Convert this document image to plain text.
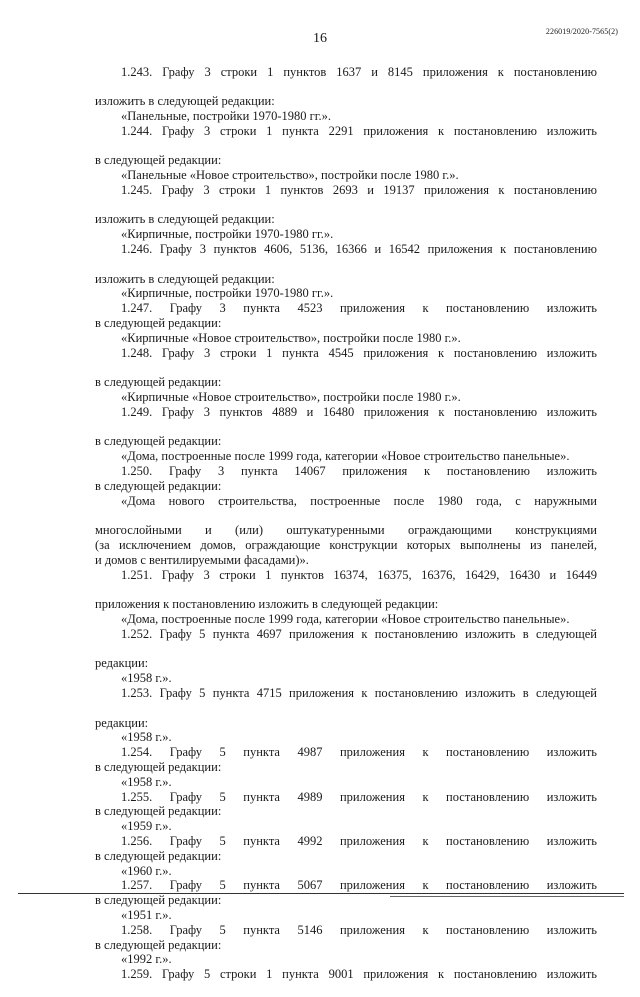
226019/2020-7565(2)
16

1.243. Графу 3 строки 1 пунктов 1637 и 8145 приложения к постановлению

изложить в следующей редакции:

«Панельные, постройки 1970-1980 гг.».

1.244. Графу 3 строки 1 пункта 2291 приложения к постановлению изложить

в следующей редакции:

«Панельные «Новое строительство», постройки после 1980 г.».

1.245. Графу 3 строки 1 пунктов 2693 и 19137 приложения к постановлению

изложить в следующей редакции:

«Кирпичные, постройки 1970-1980 гг.».

1.246. Графу 3 пунктов 4606, 5136, 16366 и 16542 приложения к постановлению

изложить в следующей редакции:

«Кирпичные, постройки 1970-1980 гг.».

1.247. Графу 3 пункта 4523 приложения к постановлению изложить

в следующей редакции:

«Кирпичные «Новое строительство», постройки после 1980 г.».

1.248. Графу 3 строки 1 пункта 4545 приложения к постановлению изложить

в следующей редакции:

«Кирпичные «Новое строительство», постройки после 1980 г.».

1.249. Графу 3 пунктов 4889 и 16480 приложения к постановлению изложить

в следующей редакции:

«Дома, построенные после 1999 года, категории «Новое строительство панельные».

1.250. Графу 3 пункта 14067 приложения к постановлению изложить

в следующей редакции:

«Дома нового строительства, построенные после 1980 года, с наружными

многослойными и (или) оштукатуренными ограждающими конструкциями

(за исключением домов, ограждающие конструкции которых выполнены из панелей,

и домов с вентилируемыми фасадами)».

1.251. Графу 3 строки 1 пунктов 16374, 16375, 16376, 16429, 16430 и 16449

приложения к постановлению изложить в следующей редакции:

«Дома, построенные после 1999 года, категории «Новое строительство панельные».

1.252. Графу 5 пункта 4697 приложения к постановлению изложить в следующей

редакции:

«1958 г.».

1.253. Графу 5 пункта 4715 приложения к постановлению изложить в следующей

редакции:

«1958 г.».

1.254. Графу 5 пункта 4987 приложения к постановлению изложить

в следующей редакции:

«1958 г.».

1.255. Графу 5 пункта 4989 приложения к постановлению изложить

в следующей редакции:

«1959 г.».

1.256. Графу 5 пункта 4992 приложения к постановлению изложить

в следующей редакции:

«1960 г.».

1.257. Графу 5 пункта 5067 приложения к постановлению изложить

в следующей редакции:

«1951 г.».

1.258. Графу 5 пункта 5146 приложения к постановлению изложить

в следующей редакции:

«1992 г.».

1.259. Графу 5 строки 1 пункта 9001 приложения к постановлению изложить
